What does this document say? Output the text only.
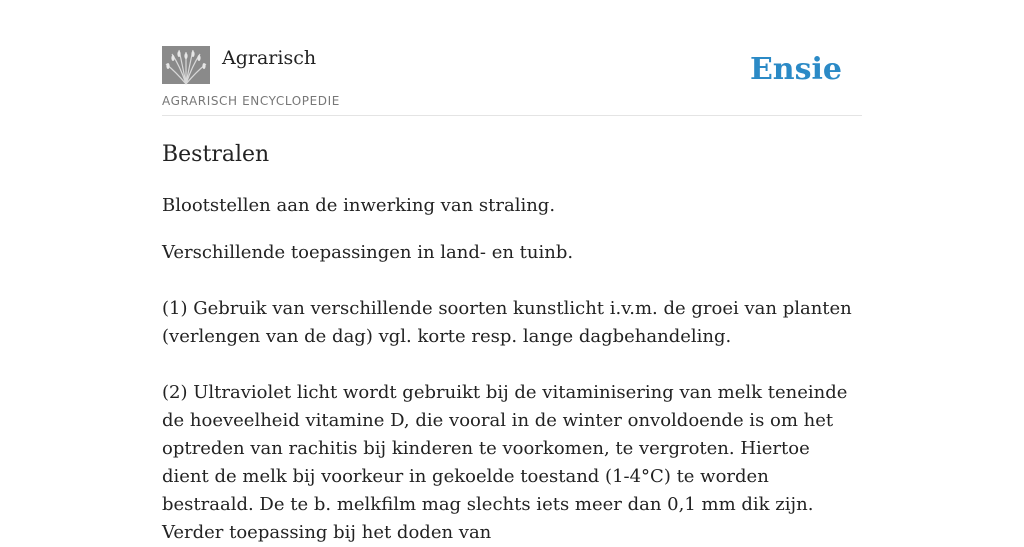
Agrarisch
AGRARISCH ENCYCLOPEDIE
Ensie
Bestralen

Blootstellen aan de inwerking van straling.

Verschillende toepassingen in land- en tuinb.

(1) Gebruik van verschillende soorten kunstlicht i.v.m. de groei van planten (verlengen van de dag) vgl. korte resp. lange dagbehandeling.

(2) Ultraviolet licht wordt gebruikt bij de vitaminisering van melk teneinde de hoeveelheid vitamine D, die vooral in de winter onvoldoende is om het optreden van rachitis bij kinderen te voorkomen, te vergroten. Hiertoe dient de melk bij voorkeur in gekoelde toestand (1-4°C) te worden bestraald. De te b. melkfilm mag slechts iets meer dan 0,1 mm dik zijn. Verder toepassing bij het doden van
